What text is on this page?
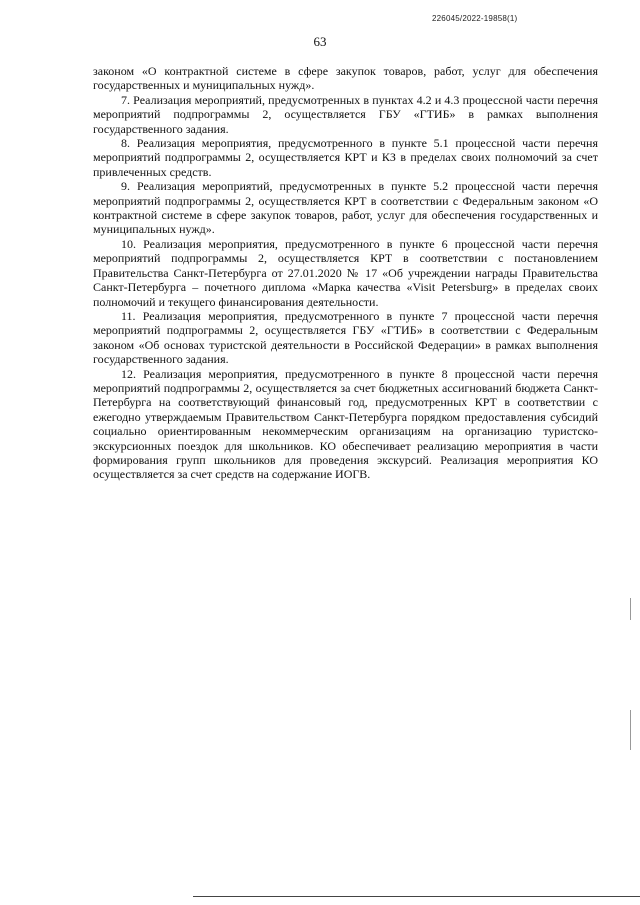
226045/2022-19858(1)
63

законом «О контрактной системе в сфере закупок товаров, работ, услуг для обеспечения государственных и муниципальных нужд».

7. Реализация мероприятий, предусмотренных в пунктах 4.2 и 4.3 процессной части перечня мероприятий подпрограммы 2, осуществляется ГБУ «ГТИБ» в рамках выполнения государственного задания.

8. Реализация мероприятия, предусмотренного в пункте 5.1 процессной части перечня мероприятий подпрограммы 2, осуществляется КРТ и КЗ в пределах своих полномочий за счет привлеченных средств.

9. Реализация мероприятий, предусмотренных в пункте 5.2 процессной части перечня мероприятий подпрограммы 2, осуществляется КРТ в соответствии с Федеральным законом «О контрактной системе в сфере закупок товаров, работ, услуг для обеспечения государственных и муниципальных нужд».

10. Реализация мероприятия, предусмотренного в пункте 6 процессной части перечня мероприятий подпрограммы 2, осуществляется КРТ в соответствии с постановлением Правительства Санкт-Петербурга от 27.01.2020 № 17 «Об учреждении награды Правительства Санкт-Петербурга – почетного диплома «Марка качества «Visit Petersburg» в пределах своих полномочий и текущего финансирования деятельности.

11. Реализация мероприятия, предусмотренного в пункте 7 процессной части перечня мероприятий подпрограммы 2, осуществляется ГБУ «ГТИБ» в соответствии с Федеральным законом «Об основах туристской деятельности в Российской Федерации» в рамках выполнения государственного задания.

12. Реализация мероприятия, предусмотренного в пункте 8 процессной части перечня мероприятий подпрограммы 2, осуществляется за счет бюджетных ассигнований бюджета Санкт-Петербурга на соответствующий финансовый год, предусмотренных КРТ в соответствии с ежегодно утверждаемым Правительством Санкт-Петербурга порядком предоставления субсидий социально ориентированным некоммерческим организациям на организацию туристско-экскурсионных поездок для школьников. КО обеспечивает реализацию мероприятия в части формирования групп школьников для проведения экскурсий. Реализация мероприятия КО осуществляется за счет средств на содержание ИОГВ.
